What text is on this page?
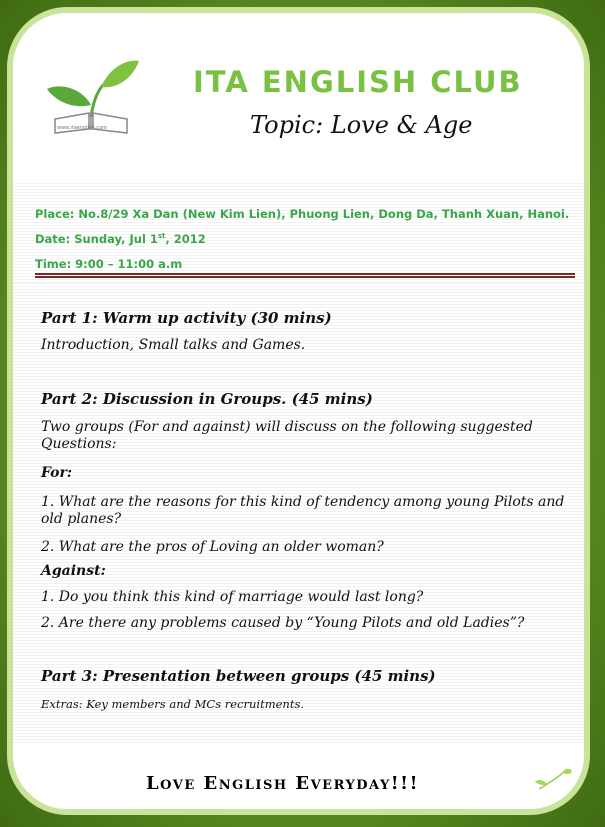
www.itaenglish.com
ITA ENGLISH CLUB
Topic: Love & Age
Place: No.8/29 Xa Dan (New Kim Lien), Phuong Lien, Dong Da, Thanh Xuan, Hanoi.
Date: Sunday, Jul 1st, 2012
Time: 9:00 – 11:00 a.m
Part 1: Warm up activity (30 mins)
Introduction, Small talks and Games.
Part 2: Discussion in Groups. (45 mins)
Two groups (For and against) will discuss on the following suggested
Questions:
For:
1. What are the reasons for this kind of tendency among young Pilots and
old planes?
2. What are the pros of Loving an older woman?
Against:
1. Do you think this kind of marriage would last long?
2. Are there any problems caused by “Young Pilots and old Ladies”?
Part 3: Presentation between groups (45 mins)
Extras: Key members and MCs recruitments.
Love English Everyday!!!
